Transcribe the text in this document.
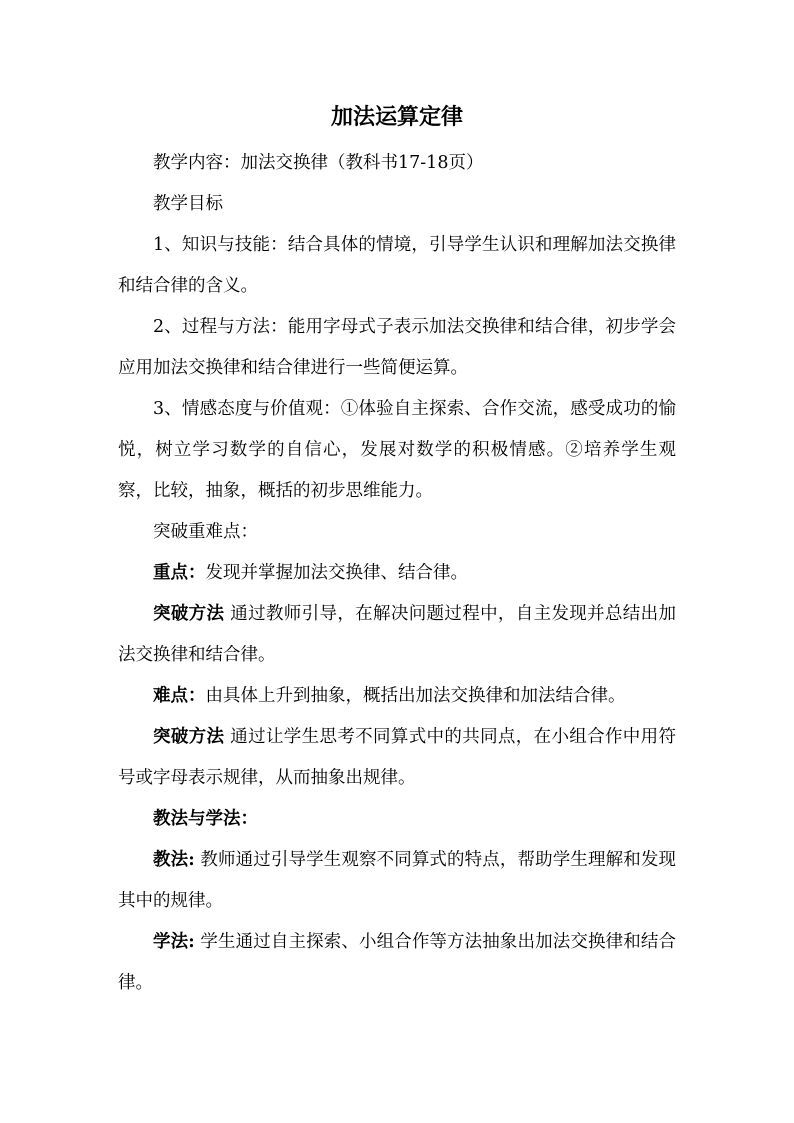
加法运算定律

教学内容：加法交换律（教科书17-18页）

教学目标

1、知识与技能：结合具体的情境，引导学生认识和理解加法交换律和结合律的含义。

2、过程与方法：能用字母式子表示加法交换律和结合律，初步学会应用加法交换律和结合律进行一些简便运算。

3、情感态度与价值观：①体验自主探索、合作交流，感受成功的愉悦，树立学习数学的自信心，发展对数学的积极情感。②培养学生观察，比较，抽象，概括的初步思维能力。

突破重难点：

重点：发现并掌握加法交换律、结合律。

突破方法 通过教师引导，在解决问题过程中，自主发现并总结出加法交换律和结合律。

难点：由具体上升到抽象，概括出加法交换律和加法结合律。

突破方法 通过让学生思考不同算式中的共同点，在小组合作中用符号或字母表示规律，从而抽象出规律。

教法与学法：

教法: 教师通过引导学生观察不同算式的特点，帮助学生理解和发现其中的规律。

学法: 学生通过自主探索、小组合作等方法抽象出加法交换律和结合律。
